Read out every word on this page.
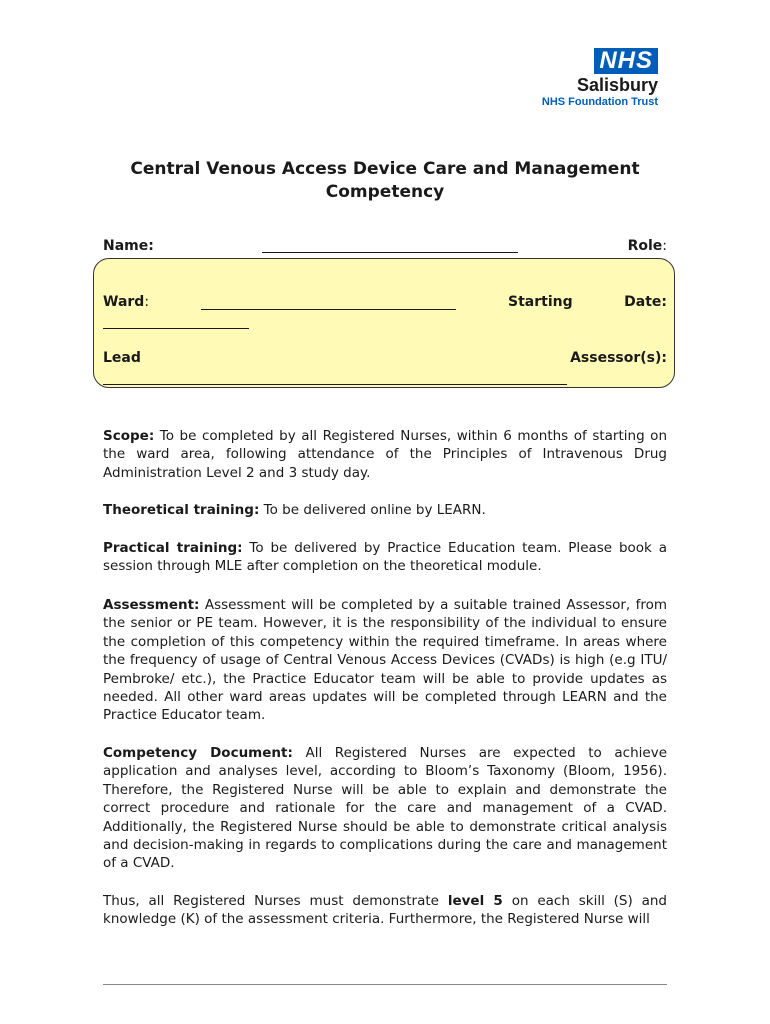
NHS
Salisbury
NHS Foundation Trust
Central Venous Access Device Care and Management
Competency
Name:	Role:
Ward:	Starting	Date:
Lead	Assessor(s):
Scope: To be completed by all Registered Nurses, within 6 months of starting on the ward area, following attendance of the Principles of Intravenous Drug Administration Level 2 and 3 study day.
Theoretical training: To be delivered online by LEARN.
Practical training: To be delivered by Practice Education team. Please book a session through MLE after completion on the theoretical module.
Assessment: Assessment will be completed by a suitable trained Assessor, from the senior or PE team. However, it is the responsibility of the individual to ensure the completion of this competency within the required timeframe. In areas where the frequency of usage of Central Venous Access Devices (CVADs) is high (e.g ITU/ Pembroke/ etc.), the Practice Educator team will be able to provide updates as needed. All other ward areas updates will be completed through LEARN and the Practice Educator team.
Competency Document: All Registered Nurses are expected to achieve application and analyses level, according to Bloom’s Taxonomy (Bloom, 1956). Therefore, the Registered Nurse will be able to explain and demonstrate the correct procedure and rationale for the care and management of a CVAD. Additionally, the Registered Nurse should be able to demonstrate critical analysis and decision-making in regards to complications during the care and management of a CVAD.
Thus, all Registered Nurses must demonstrate level 5 on each skill (S) and knowledge (K) of the assessment criteria. Furthermore, the Registered Nurse will
